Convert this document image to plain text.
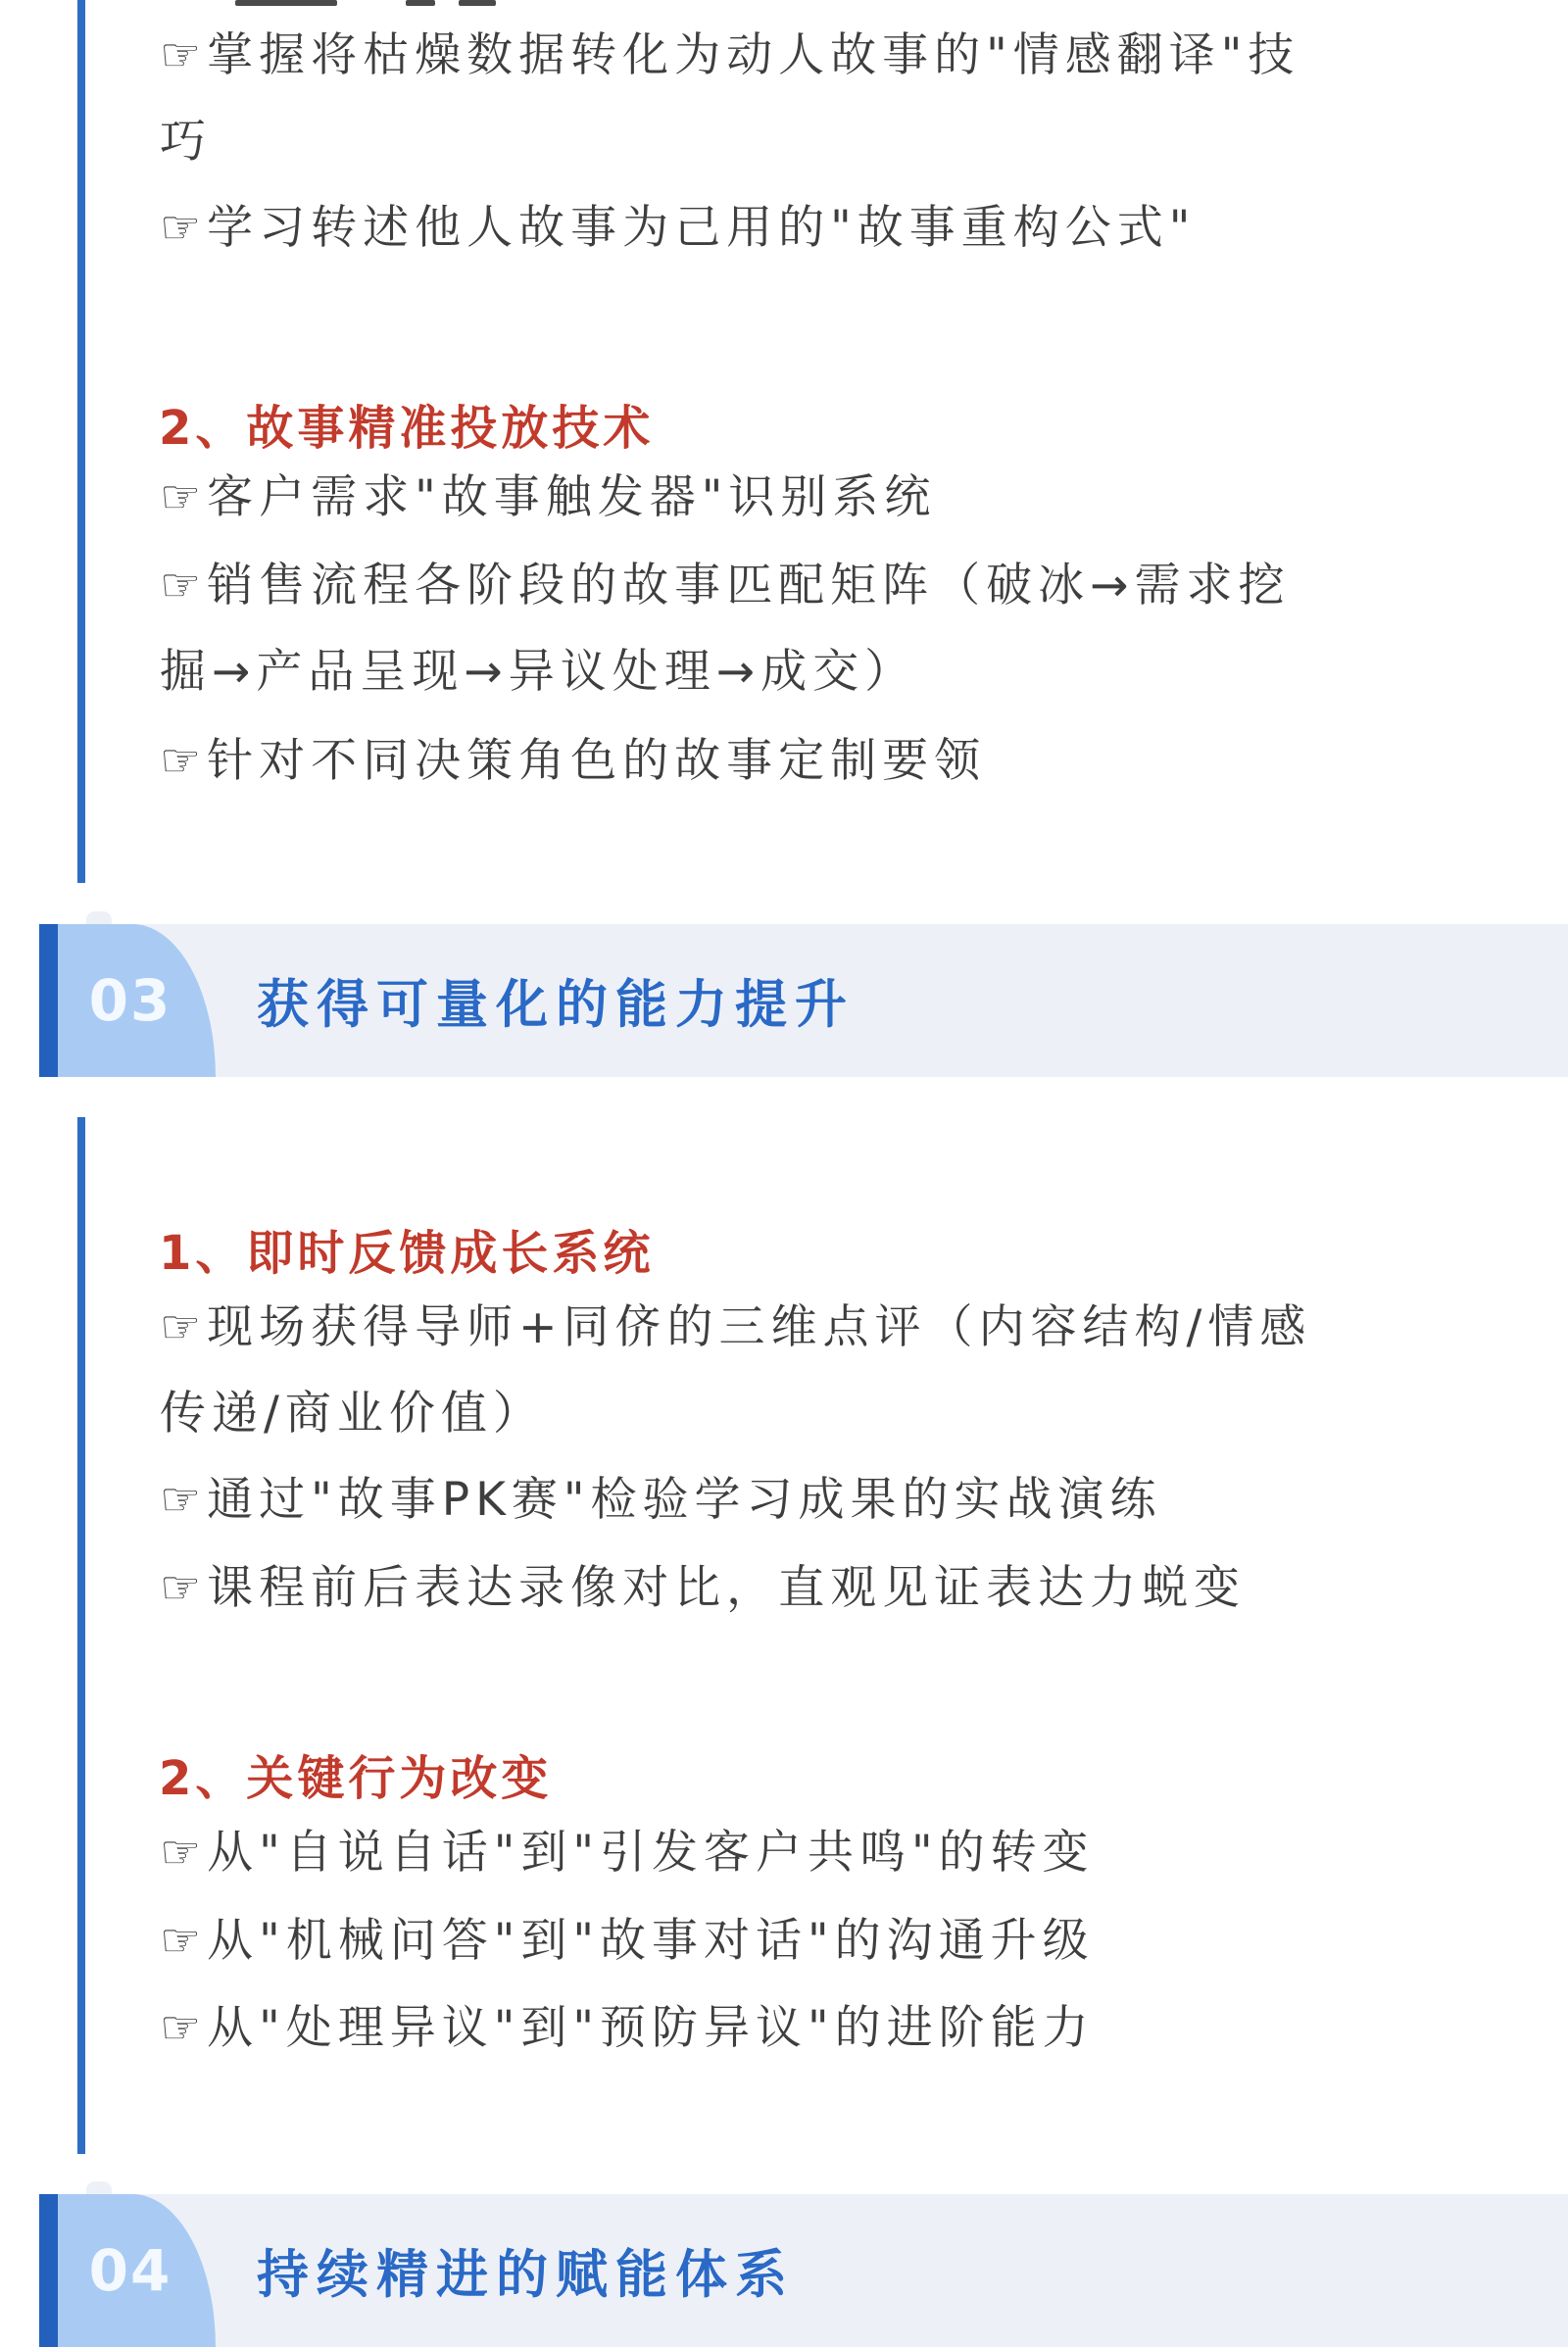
☞掌握将枯燥数据转化为动人故事的"情感翻译"技
巧
☞学习转述他人故事为己用的"故事重构公式"
2、故事精准投放技术
☞客户需求"故事触发器"识别系统
☞销售流程各阶段的故事匹配矩阵（破冰→需求挖
掘→产品呈现→异议处理→成交）
☞针对不同决策角色的故事定制要领
03	获得可量化的能力提升
1、即时反馈成长系统
☞现场获得导师+同侪的三维点评（内容结构/情感
传递/商业价值）
☞通过"故事PK赛"检验学习成果的实战演练
☞课程前后表达录像对比，直观见证表达力蜕变
2、关键行为改变
☞从"自说自话"到"引发客户共鸣"的转变
☞从"机械问答"到"故事对话"的沟通升级
☞从"处理异议"到"预防异议"的进阶能力
04	持续精进的赋能体系
